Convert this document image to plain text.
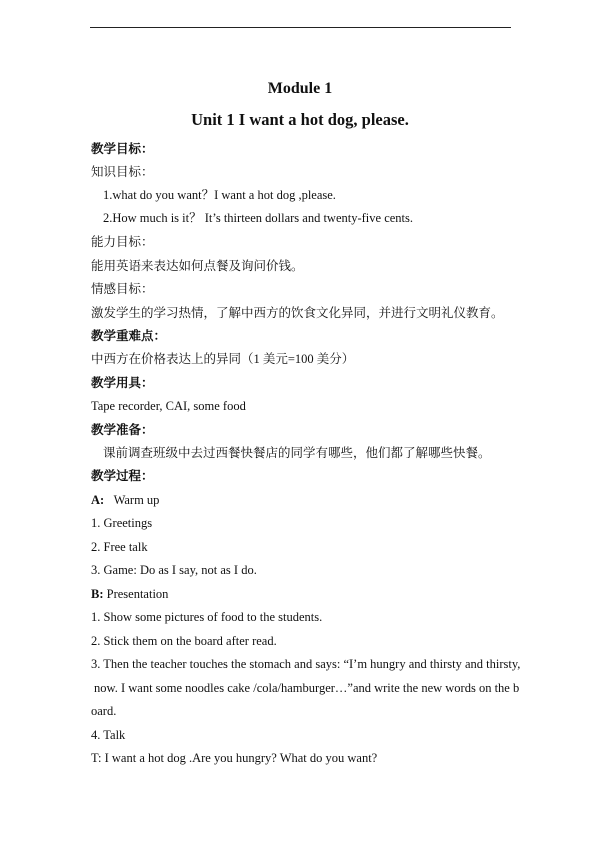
Module 1
Unit 1 I want a hot dog, please.
教学目标：
知识目标：
1.what do you want？I want a hot dog ,please.
2.How much is it？ It’s thirteen dollars and twenty-five cents.
能力目标：
能用英语来表达如何点餐及询问价钱。
情感目标：
激发学生的学习热情，了解中西方的饮食文化异同，并进行文明礼仪教育。
教学重难点：
中西方在价格表达上的异同（1 美元=100 美分）
教学用具：
Tape recorder, CAI, some food
教学准备：
课前调查班级中去过西餐快餐店的同学有哪些，他们都了解哪些快餐。
教学过程：
A: Warm up
1. Greetings
2. Free talk
3. Game: Do as I say, not as I do.
B: Presentation
1. Show some pictures of food to the students.
2. Stick them on the board after read.
3. Then the teacher touches the stomach and says: “I’m hungry and thirsty and thirsty,
now. I want some noodles cake /cola/hamburger…”and write the new words on the b
oard.
4. Talk
T: I want a hot dog .Are you hungry? What do you want?
